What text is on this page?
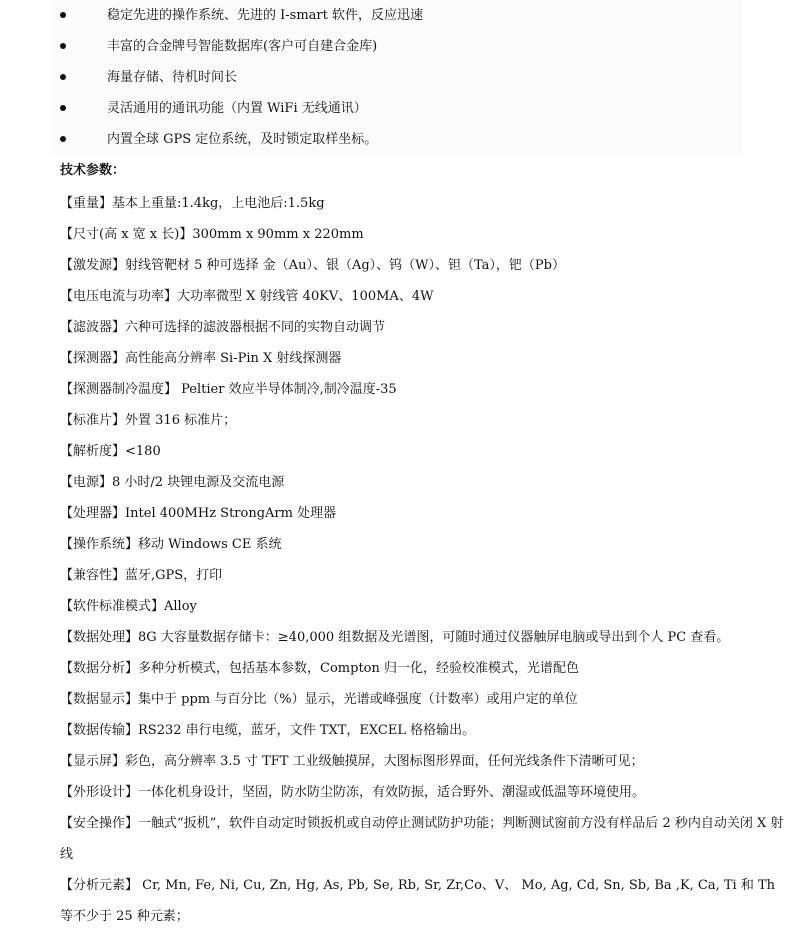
稳定先进的操作系统、先进的 I-smart 软件，反应迅速
丰富的合金牌号智能数据库(客户可自建合金库)
海量存储、待机时间长
灵活通用的通讯功能（内置 WiFi 无线通讯）
内置全球 GPS 定位系统，及时锁定取样坐标。
技术参数：

【重量】基本上重量:1.4kg，上电池后:1.5kg

【尺寸(高 x 宽 x 长)】300mm x 90mm x 220mm

【激发源】射线管靶材 5 种可选择 金（Au）、银（Ag）、钨（W）、钽（Ta），钯（Pb）

【电压电流与功率】大功率微型 X 射线管 40KV、100MA、4W

【滤波器】六种可选择的滤波器根据不同的实物自动调节

【探测器】高性能高分辨率 Si-Pin X 射线探测器

【探测器制冷温度】 Peltier 效应半导体制冷,制冷温度-35

【标准片】外置 316 标准片；

【解析度】<180

【电源】8 小时/2 块锂电源及交流电源

【处理器】Intel 400MHz StrongArm 处理器

【操作系统】移动 Windows CE 系统

【兼容性】蓝牙,GPS，打印

【软件标准模式】Alloy

【数据处理】8G 大容量数据存储卡：≥40,000 组数据及光谱图，可随时通过仪器触屏电脑或导出到个人 PC 查看。

【数据分析】多种分析模式，包括基本参数，Compton 归一化，经验校准模式，光谱配色

【数据显示】集中于 ppm 与百分比（%）显示，光谱或峰强度（计数率）或用户定的单位

【数据传输】RS232 串行电缆，蓝牙，文件 TXT，EXCEL 格格输出。

【显示屏】彩色，高分辨率 3.5 寸 TFT 工业级触摸屏，大图标图形界面，任何光线条件下清晰可见；

【外形设计】一体化机身设计，坚固，防水防尘防冻，有效防振，适合野外、潮湿或低温等环境使用。

【安全操作】一触式“扳机”，软件自动定时锁扳机或自动停止测试防护功能；判断测试窗前方没有样品后 2 秒内自动关闭 X 射线

【分析元素】 Cr, Mn, Fe, Ni, Cu, Zn, Hg, As, Pb, Se, Rb, Sr, Zr,Co、V、 Mo, Ag, Cd, Sn, Sb, Ba ,K, Ca, Ti 和 Th 等不少于 25 种元素；
